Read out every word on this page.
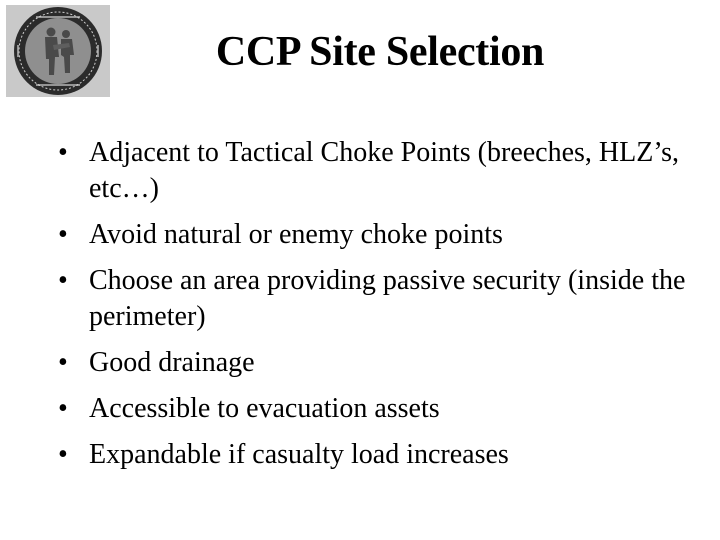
CCP Site Selection
• Adjacent to Tactical Choke Points (breeches, HLZ’s, etc…)
• Avoid natural or enemy choke points
• Choose an area providing passive security (inside the perimeter)
• Good drainage
• Accessible to evacuation assets
• Expandable if casualty load increases
